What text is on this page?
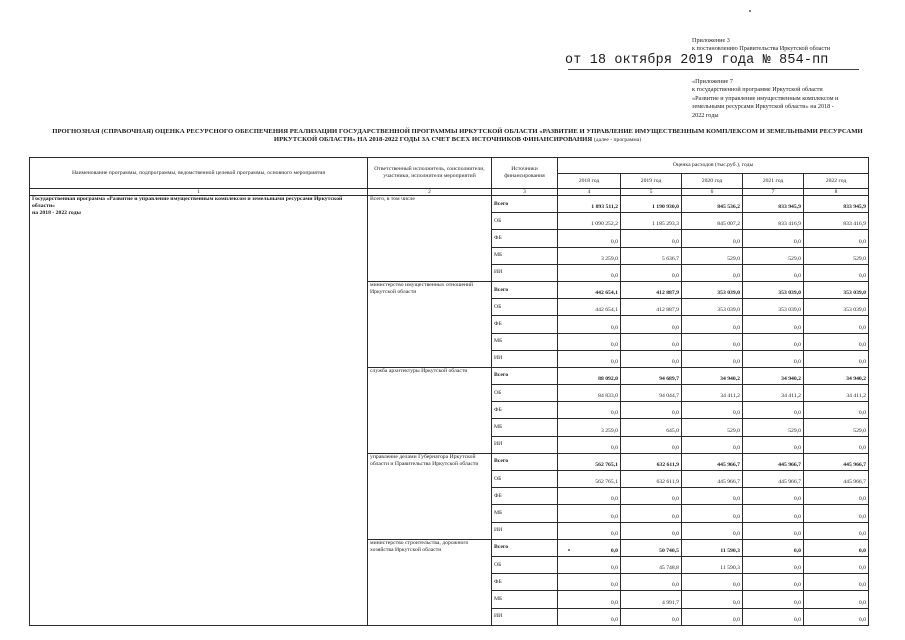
Приложение 3
к постановлению Правительства Иркутской области
от 18 октября 2019 года № 854-пп
«Приложение 7
к государственной программе Иркутской области
«Развитие и управление имущественным комплексом и
земельными ресурсами Иркутской области» на 2018 -
2022 годы
ПРОГНОЗНАЯ (СПРАВОЧНАЯ) ОЦЕНКА РЕСУРСНОГО ОБЕСПЕЧЕНИЯ РЕАЛИЗАЦИИ ГОСУДАРСТВЕННОЙ ПРОГРАММЫ ИРКУТСКОЙ ОБЛАСТИ «РАЗВИТИЕ И УПРАВЛЕНИЕ ИМУЩЕСТВЕННЫМ КОМПЛЕКСОМ И ЗЕМЕЛЬНЫМИ РЕСУРСАМИ ИРКУТСКОЙ ОБЛАСТИ» НА 2018-2022 ГОДЫ ЗА СЧЕТ ВСЕХ ИСТОЧНИКОВ ФИНАНСИРОВАНИЯ (далее - программа)
Наименование программы, подпрограммы, ведомственной целевой программы, основного мероприятия	Ответственный исполнитель, соисполнители, участники, исполнители мероприятий	Источники финансирования	Оценка расходов (тыс.руб.), годы				
			2018 год	2019 год	2020 год	2021 год	2022 год
1	2	3	4	5	6	7	8

Государственная программа «Развитие и управление имущественным комплексом и земельными ресурсами Иркутской области»
на 2018 - 2022 годы	Всего, в том числе	Всего	1 093 511,2	1 190 930,0	845 536,2	833 945,9	833 945,9
		ОБ	1 090 252,2	1 185 293,3	845 007,2	833 416,9	833 416,9
		ФБ	0,0	0,0	0,0	0,0	0,0
		МБ	3 259,0	5 636,7	529,0	529,0	529,0
		ИИ	0,0	0,0	0,0	0,0	0,0
	министерство имущественных отношений Иркутской области	Всего	442 654,1	412 887,9	353 039,0	353 039,0	353 039,0
		ОБ	442 654,1	412 887,9	353 039,0	353 039,0	353 039,0
		ФБ	0,0	0,0	0,0	0,0	0,0
		МБ	0,0	0,0	0,0	0,0	0,0
		ИИ	0,0	0,0	0,0	0,0	0,0
	служба архитектуры Иркутской области	Всего	88 092,0	94 689,7	34 940,2	34 940,2	34 940,2
		ОБ	84 833,0	94 044,7	34 411,2	34 411,2	34 411,2
		ФБ	0,0	0,0	0,0	0,0	0,0
		МБ	3 259,0	645,0	529,0	529,0	529,0
		ИИ	0,0	0,0	0,0	0,0	0,0
	управление делами Губернатора Иркутской области и Правительства Иркутской области	Всего	562 765,1	632 611,9	445 966,7	445 966,7	445 966,7
		ОБ	562 765,1	632 611,9	445 966,7	445 966,7	445 966,7
		ФБ	0,0	0,0	0,0	0,0	0,0
		МБ	0,0	0,0	0,0	0,0	0,0
		ИИ	0,0	0,0	0,0	0,0	0,0
	министерство строительства, дорожного хозяйства Иркутской области	Всего	0,0	50 740,5	11 590,3	0,0	0,0
		ОБ	0,0	45 748,8	11 590,3	0,0	0,0
		ФБ	0,0	0,0	0,0	0,0	0,0
		МБ	0,0	4 991,7	0,0	0,0	0,0
		ИИ	0,0	0,0	0,0	0,0	0,0
